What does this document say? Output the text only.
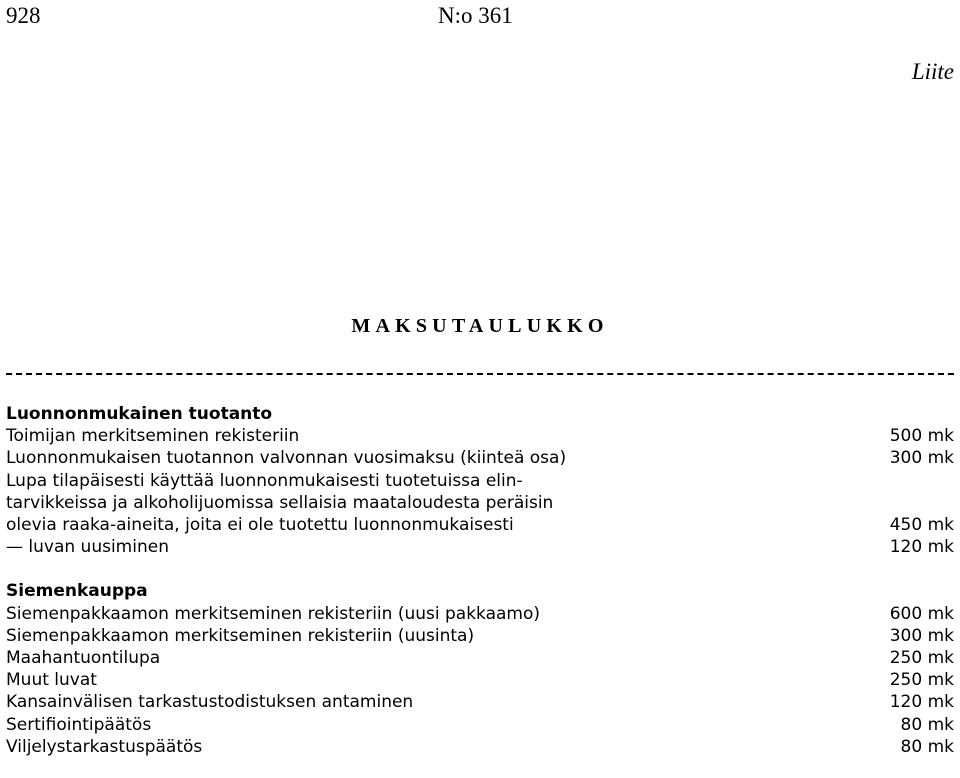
928	N:o 361
Liite
MAKSUTAULUKKO
Luonnonmukainen tuotanto
Toimijan merkitseminen rekisteriin	500 mk
Luonnonmukaisen tuotannon valvonnan vuosimaksu (kiinteä osa)	300 mk
Lupa tilapäisesti käyttää luonnonmukaisesti tuotetuissa elin-
tarvikkeissa ja alkoholijuomissa sellaisia maataloudesta peräisin
olevia raaka-aineita, joita ei ole tuotettu luonnonmukaisesti	450 mk
— luvan uusiminen	120 mk
Siemenkauppa
Siemenpakkaamon merkitseminen rekisteriin (uusi pakkaamo)	600 mk
Siemenpakkaamon merkitseminen rekisteriin (uusinta)	300 mk
Maahantuontilupa	250 mk
Muut luvat	250 mk
Kansainvälisen tarkastustodistuksen antaminen	120 mk
Sertifiointipäätös	80 mk
Viljelystarkastuspäätös	80 mk
